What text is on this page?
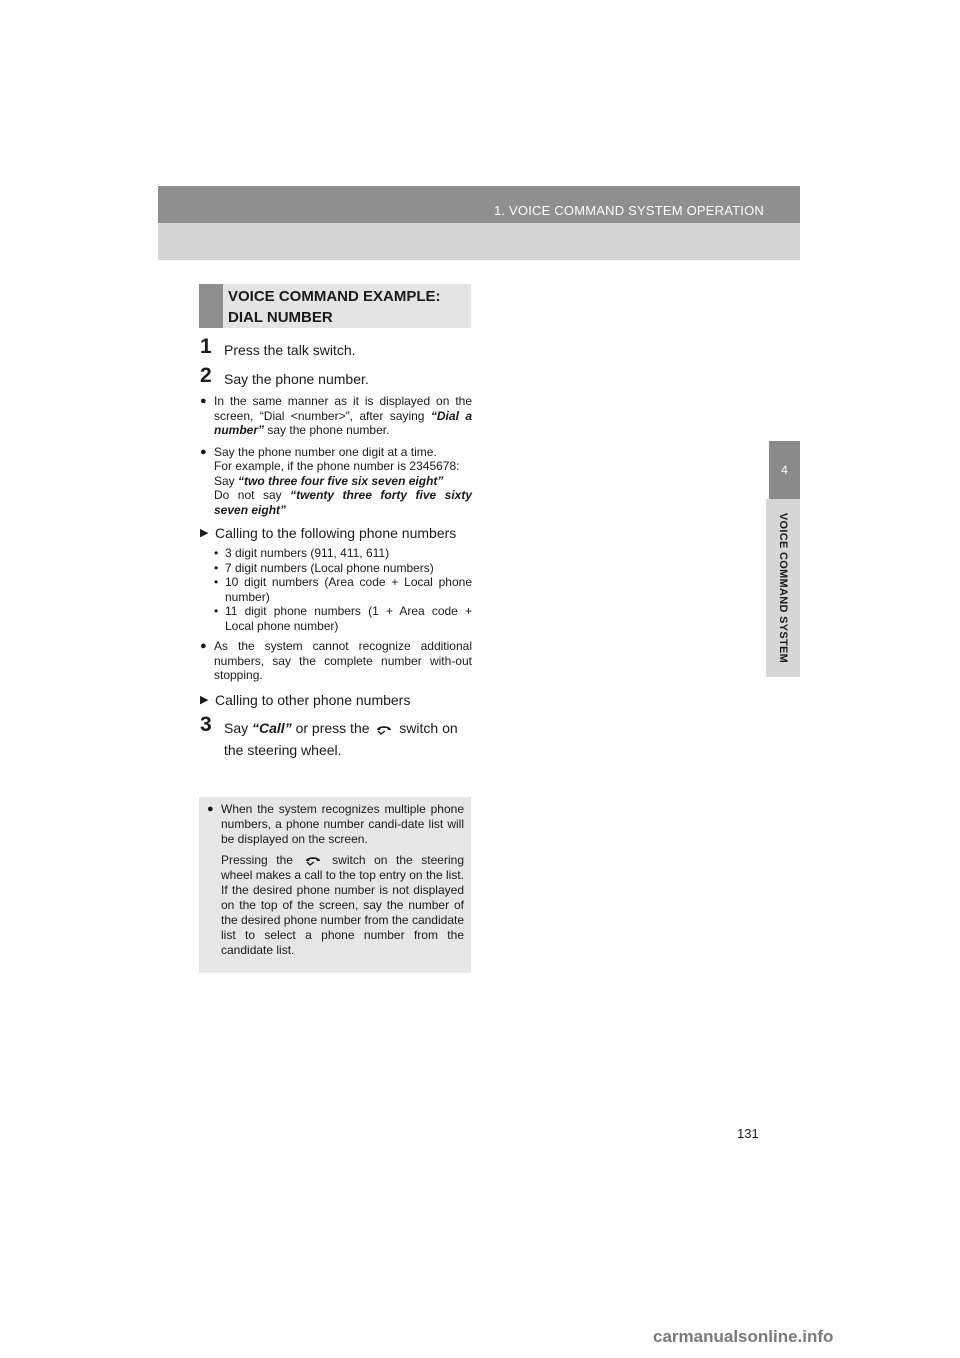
1. VOICE COMMAND SYSTEM OPERATION
4
VOICE COMMAND SYSTEM
VOICE COMMAND EXAMPLE:
DIAL NUMBER
1 Press the talk switch.
2 Say the phone number.
● In the same manner as it is displayed on the screen, “Dial <number>”, after saying “Dial a number” say the phone number.
● Say the phone number one digit at a time.
For example, if the phone number is 2345678:
Say “two three four five six seven eight”
Do not say “twenty three forty five sixty seven eight”
▶ Calling to the following phone numbers
• 3 digit numbers (911, 411, 611)
• 7 digit numbers (Local phone numbers)
• 10 digit numbers (Area code + Local phone number)
• 11 digit phone numbers (1 + Area code + Local phone number)
● As the system cannot recognize additional numbers, say the complete number with-out stopping.
▶ Calling to other phone numbers
3 Say “Call” or press the  switch on the steering wheel.

● When the system recognizes multiple phone numbers, a phone number candi-date list will be displayed on the screen.

Pressing the  switch on the steering wheel makes a call to the top entry on the list. If the desired phone number is not displayed on the top of the screen, say the number of the desired phone number from the candidate list to select a phone number from the candidate list.

131
carmanualsonline.info
